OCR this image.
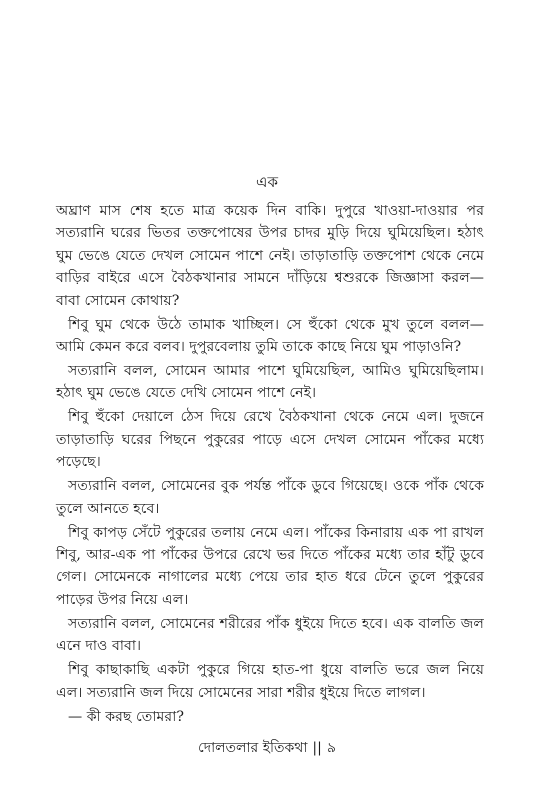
এক

অঘ্রাণ মাস শেষ হতে মাত্র কয়েক দিন বাকি। দুপুরে খাওয়া-দাওয়ার পর সত্যরানি ঘরের ভিতর তক্তপোষের উপর চাদর মুড়ি দিয়ে ঘুমিয়েছিল। হঠাৎ ঘুম ভেঙে যেতে দেখল সোমেন পাশে নেই। তাড়াতাড়ি তক্তপোশ থেকে নেমে বাড়ির বাইরে এসে বৈঠকখানার সামনে দাঁড়িয়ে শ্বশুরকে জিজ্ঞাসা করল— বাবা সোমেন কোথায়?

শিবু ঘুম থেকে উঠে তামাক খাচ্ছিল। সে হুঁকো থেকে মুখ তুলে বলল— আমি কেমন করে বলব। দুপুরবেলায় তুমি তাকে কাছে নিয়ে ঘুম পাড়াওনি?

সত্যরানি বলল, সোমেন আমার পাশে ঘুমিয়েছিল, আমিও ঘুমিয়েছিলাম। হঠাৎ ঘুম ভেঙে যেতে দেখি সোমেন পাশে নেই।

শিবু হুঁকো দেয়ালে ঠেস দিয়ে রেখে বৈঠকখানা থেকে নেমে এল। দুজনে তাড়াতাড়ি ঘরের পিছনে পুকুরের পাড়ে এসে দেখল সোমেন পাঁকের মধ্যে পড়েছে।

সত্যরানি বলল, সোমেনের বুক পর্যন্ত পাঁকে ডুবে গিয়েছে। ওকে পাঁক থেকে তুলে আনতে হবে।

শিবু কাপড় সেঁটে পুকুরের তলায় নেমে এল। পাঁকের কিনারায় এক পা রাখল শিবু, আর-এক পা পাঁকের উপরে রেখে ভর দিতে পাঁকের মধ্যে তার হাঁটু ডুবে গেল। সোমেনকে নাগালের মধ্যে পেয়ে তার হাত ধরে টেনে তুলে পুকুরের পাড়ের উপর নিয়ে এল।

সত্যরানি বলল, সোমেনের শরীরের পাঁক ধুইয়ে দিতে হবে। এক বালতি জল এনে দাও বাবা।

শিবু কাছাকাছি একটা পুকুরে গিয়ে হাত-পা ধুয়ে বালতি ভরে জল নিয়ে এল। সত্যরানি জল দিয়ে সোমেনের সারা শরীর ধুইয়ে দিতে লাগল।

— কী করছ তোমরা?

দোলতলার ইতিকথা || ৯
